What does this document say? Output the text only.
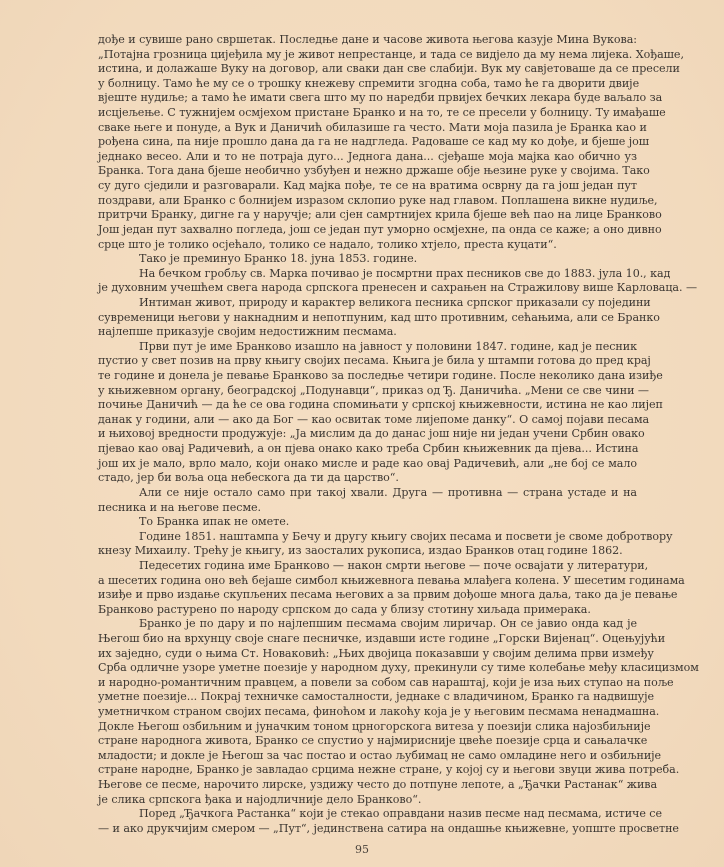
дође и сувише рано свршетак. Последње дане и часове живота његова казује Мина Вукова:
„Потајна грозница цијеђила му је живот непрестанце, и тада се видјело да му нема лијека. Хођаше,
истина, и долажаше Вуку на договор, али сваки дан све слабији. Вук му савјетоваше да се пресели
у болницу. Тамо ће му се о трошку кнежеву спремити згодна соба, тамо ће га дворити двије
вјеште нудиље; а тамо ће имати свега што му по наредби првијех бечких лекара буде ваљало за
исцјељење. С тужнијем осмјехом пристане Бранко и на то, те се пресели у болницу. Ту имађаше
сваке његе и понуде, а Вук и Даничић обилазише га често. Мати моја пазила је Бранка као и
рођена сина, па није прошло дана да га не надгледа. Радоваше се кад му ко дође, и бјеше још
једнако весео. Али и то не потраја дуго... Једнога дана... сјеђаше моја мајка као обично уз
Бранка. Тога дана бјеше необично узбуђен и нежно држаше обје њезине руке у својима. Тако
су дуго сједили и разговарали. Кад мајка пође, те се на вратима осврну да га још један пут
поздрави, али Бранко с болнијем изразом склопио руке над главом. Поплашена викне нудиље,
притрчи Бранку, дигне га у наручје; али сјен самртнијех крила бјеше већ пао на лице Бранково
Још један пут захвално погледа, још се један пут уморно осмјехне, па онда се каже; а оно дивно
срце што је толико осјећало, толико се надало, толико хтјело, преста куцати“.
Тако је преминуо Бранко 18. јуна 1853. године.
На бечком гробљу св. Марка почивао је посмртни прах песников све до 1883. јула 10., кад
је духовним учешћем свега народа српскога пренесен и сахрањен на Стражилову више Карловаца. —
Интиман живот, природу и карактер великога песника српског приказали су поједини
сувременици његови у накнадним и непотпуним, кад што противним, сећањима, али се Бранко
најлепше приказује својим недостижним песмама.
Први пут је име Бранково изашло на јавност у половини 1847. године, кад је песник
пустио у свет позив на прву књигу својих песама. Књига је била у штампи готова до пред крај
те године и донела је певање Бранково за последње четири године. После неколико дана изиђе
у књижевном органу, београдској „Подунавци“, приказ од Ђ. Даничића. „Мени се све чини —
почиње Даничић — да ће се ова година спомињати у српској књижевности, истина не као лијеп
данак у години, али — ако да Бог — као освитак томе лијепоме данку“. О самој појави песама
и њиховој вредности продужује: „Ја мислим да до данас још није ни један учени Србин овако
пјевао као овај Радичевић, а он пјева онако како треба Србин књижевник да пјева... Истина
још их је мало, врло мало, који онако мисле и раде као овај Радичевић, али „не бој се мало
стадо, јер би воља оца небескога да ти да царство“.
Али се није остало само при такој хвали. Друга — противна — страна устаде и на
песника и на његове песме.
То Бранка ипак не омете.
Године 1851. наштампа у Бечу и другу књигу својих песама и посвети је своме добротвору
кнезу Михаилу. Трећу је књигу, из заосталих рукописа, издао Бранков отац године 1862.
Педесетих година име Бранково — након смрти његове — поче освајати у литератури,
а шесетих година оно већ бејаше симбол књижевнога певања млађега колена. У шесетим годинама
изиђе и прво издање скупљених песама његових а за првим дођоше многа даља, тако да је певање
Бранково растурено по народу српском до сада у близу стотину хиљада примерака.
Бранко је по дару и по најлепшим песмама својим лиричар. Он се јавио онда кад је
Његош био на врхунцу своје снаге песничке, издавши исте године „Горски Вијенац“. Оцењујући
их заједно, суди о њима Ст. Новаковић: „Њих двојица показавши у својим делима први између
Срба одличне узоре уметне поезије у народном духу, прекинули су тиме колебање међу класицизмом
и народно-романтичним правцем, а повели за собом сав нараштај, који је иза њих ступао на поље
уметне поезије... Покрај техничке самосталности, једнаке с владичином, Бранко га надвишује
уметничком страном својих песама, финоћом и лакоћу која је у његовим песмама ненадмашна.
Докле Његош озбиљним и јуначким тоном црногорскога витеза у поезији слика најозбиљније
стране народнога живота, Бранко се спустио у најмирисније цвеће поезије срца и сањалачке
младости; и докле је Његош за час постао и остао љубимац не само омладине него и озбиљније
стране народне, Бранко је завладао срцима нежне стране, у којој су и његови звуци жива потреба.
Његове се песме, нарочито лирске, уздижу често до потпуне лепоте, а „Ђачки Растанак“ жива
је слика српскога ђака и најодличније дело Бранково“.
Поред „Ђачкога Растанка“ који је стекао оправдани назив песме над песмама, истиче се
— и ако друкчијим смером — „Пут“, јединствена сатира на ондашње књижевне, уопште просветне
95
